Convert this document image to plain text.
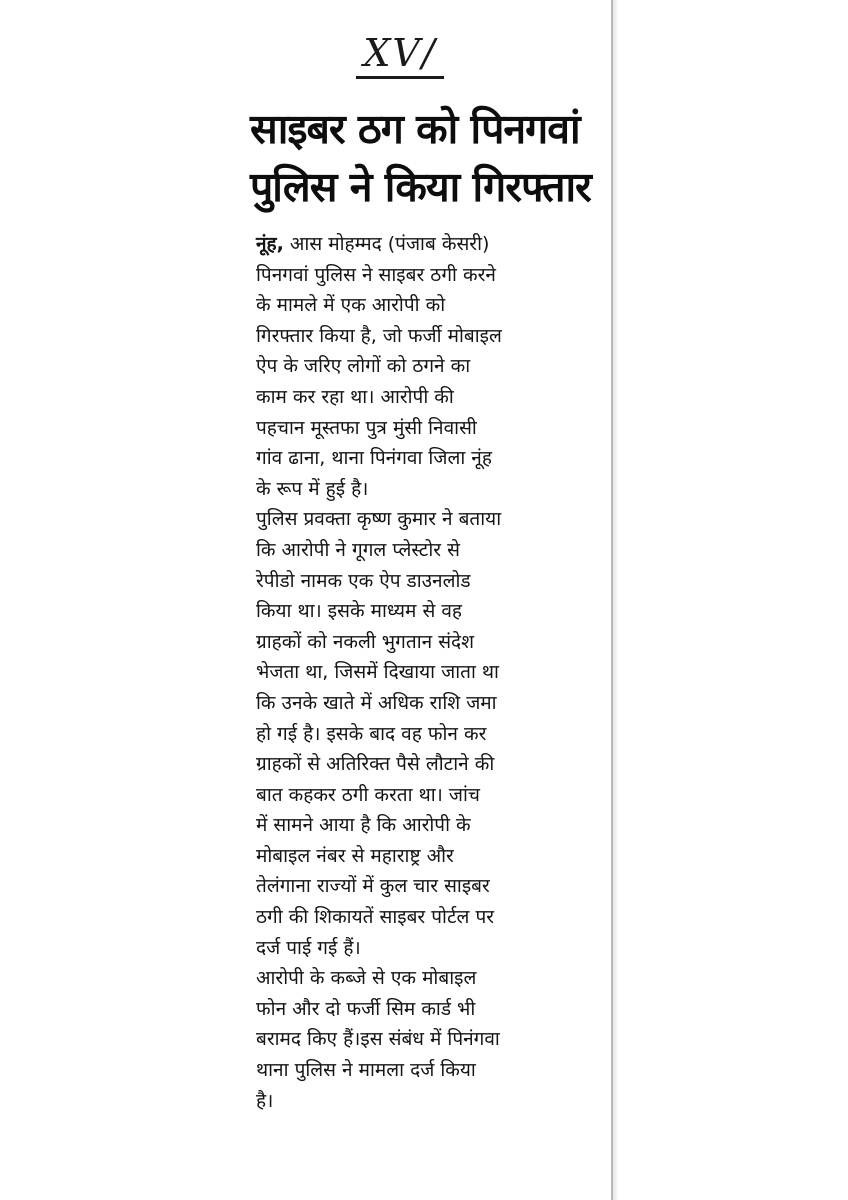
XV/
साइबर ठग को पिनगवां
पुलिस ने किया गिरफ्तार
नूंह, आस मोहम्मद (पंजाब केसरी)
पिनगवां पुलिस ने साइबर ठगी करने
के मामले में एक आरोपी को
गिरफ्तार किया है, जो फर्जी मोबाइल
ऐप के जरिए लोगों को ठगने का
काम कर रहा था। आरोपी की
पहचान मूस्तफा पुत्र मुंसी निवासी
गांव ढाना, थाना पिनंगवा जिला नूंह
के रूप में हुई है।
पुलिस प्रवक्ता कृष्ण कुमार ने बताया
कि आरोपी ने गूगल प्लेस्टोर से
रेपीडो नामक एक ऐप डाउनलोड
किया था। इसके माध्यम से वह
ग्राहकों को नकली भुगतान संदेश
भेजता था, जिसमें दिखाया जाता था
कि उनके खाते में अधिक राशि जमा
हो गई है। इसके बाद वह फोन कर
ग्राहकों से अतिरिक्त पैसे लौटाने की
बात कहकर ठगी करता था। जांच
में सामने आया है कि आरोपी के
मोबाइल नंबर से महाराष्ट्र और
तेलंगाना राज्यों में कुल चार साइबर
ठगी की शिकायतें साइबर पोर्टल पर
दर्ज पाई गई हैं।
आरोपी के कब्जे से एक मोबाइल
फोन और दो फर्जी सिम कार्ड भी
बरामद किए हैं।इस संबंध में पिनंगवा
थाना पुलिस ने मामला दर्ज किया
है।
